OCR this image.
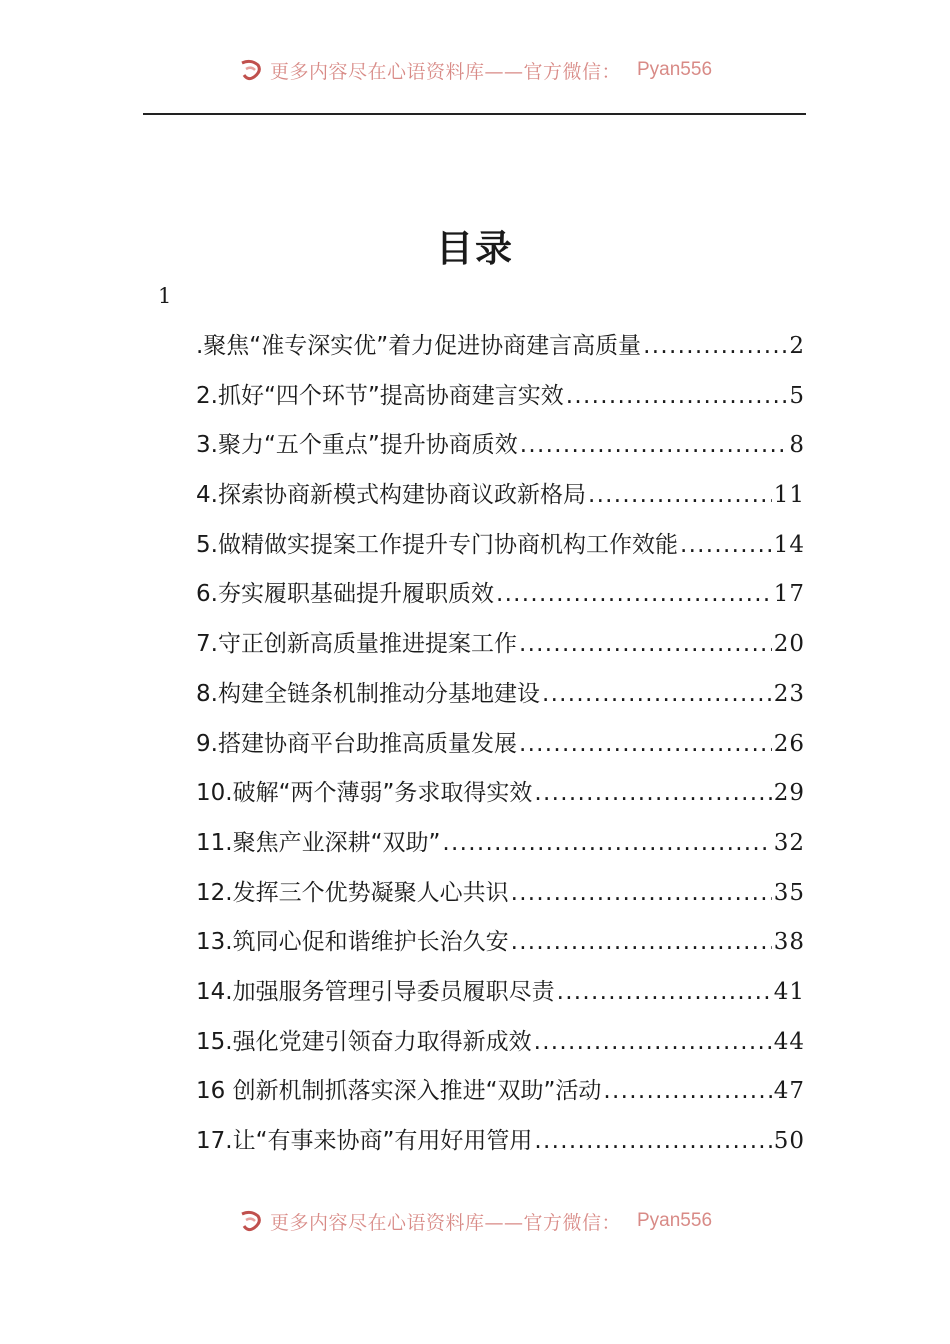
更多内容尽在心语资料库——官方微信： Pyan556
目录
1
.聚焦“准专深实优”着力促进协商建言高质量 .....	2
2.抓好“四个环节”提高协商建言实效 .....	5
3.聚力“五个重点”提升协商质效 .....	8
4.探索协商新模式构建协商议政新格局 .....	11
5.做精做实提案工作提升专门协商机构工作效能 .....	14
6.夯实履职基础提升履职质效 .....	17
7.守正创新高质量推进提案工作 .....	20
8.构建全链条机制推动分基地建设 .....	23
9.搭建协商平台助推高质量发展 .....	26
10.破解“两个薄弱”务求取得实效 .....	29
11.聚焦产业深耕“双助” .....	32
12.发挥三个优势凝聚人心共识 .....	35
13.筑同心促和谐维护长治久安 .....	38
14.加强服务管理引导委员履职尽责 .....	41
15.强化党建引领奋力取得新成效 .....	44
16 创新机制抓落实深入推进“双助”活动 .....	47
17.让“有事来协商”有用好用管用 .....	50
更多内容尽在心语资料库——官方微信： Pyan556
